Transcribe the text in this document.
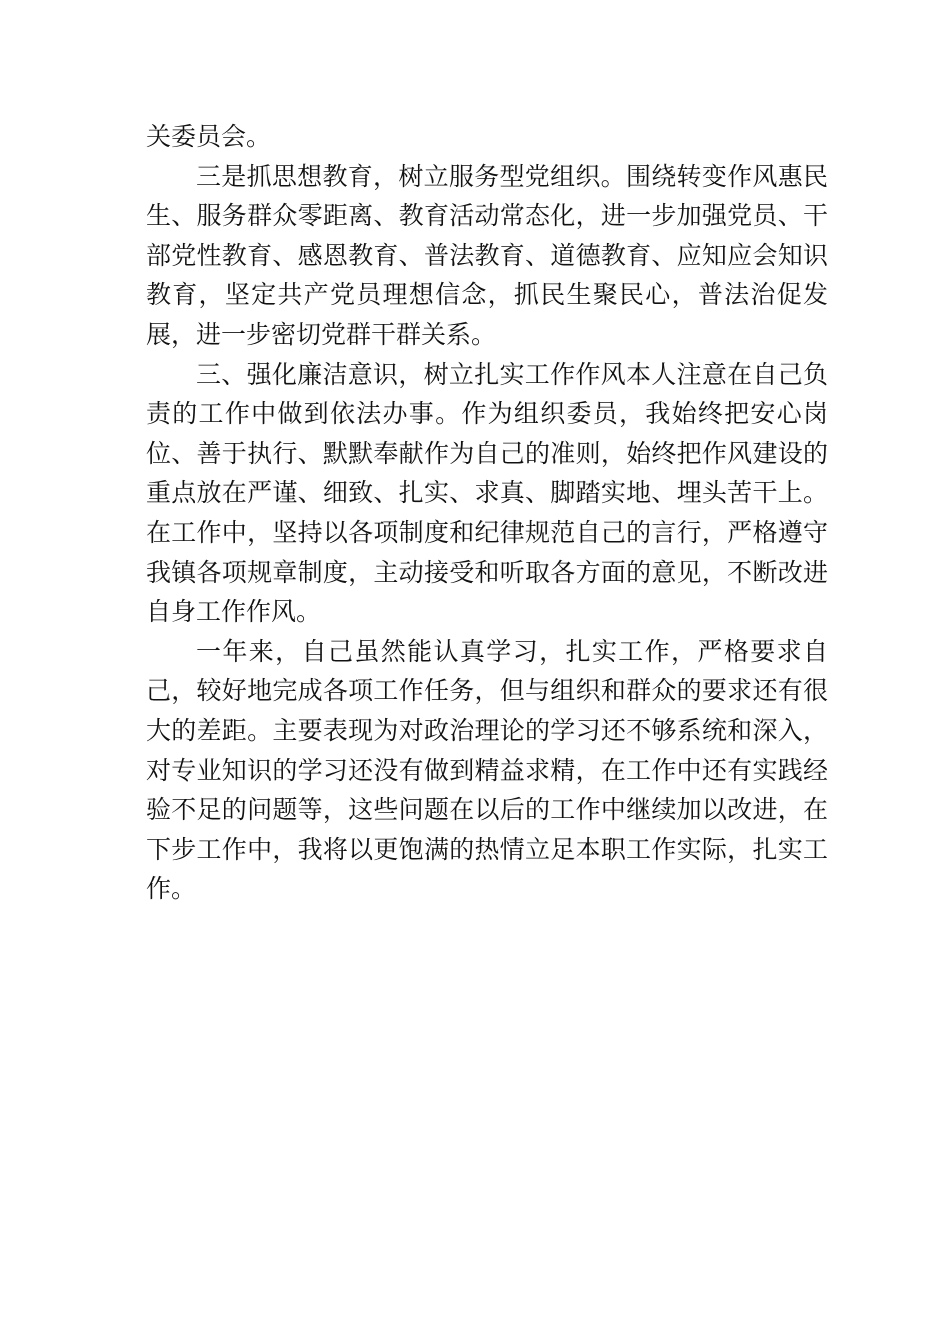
关委员会。

三是抓思想教育，树立服务型党组织。围绕转变作风惠民生、服务群众零距离、教育活动常态化，进一步加强党员、干部党性教育、感恩教育、普法教育、道德教育、应知应会知识教育，坚定共产党员理想信念，抓民生聚民心，普法治促发展，进一步密切党群干群关系。

三、强化廉洁意识，树立扎实工作作风本人注意在自己负责的工作中做到依法办事。作为组织委员，我始终把安心岗位、善于执行、默默奉献作为自己的准则，始终把作风建设的重点放在严谨、细致、扎实、求真、脚踏实地、埋头苦干上。在工作中，坚持以各项制度和纪律规范自己的言行，严格遵守我镇各项规章制度，主动接受和听取各方面的意见，不断改进自身工作作风。

一年来，自己虽然能认真学习，扎实工作，严格要求自己，较好地完成各项工作任务，但与组织和群众的要求还有很大的差距。主要表现为对政治理论的学习还不够系统和深入，对专业知识的学习还没有做到精益求精，在工作中还有实践经验不足的问题等，这些问题在以后的工作中继续加以改进，在下步工作中，我将以更饱满的热情立足本职工作实际，扎实工作。
